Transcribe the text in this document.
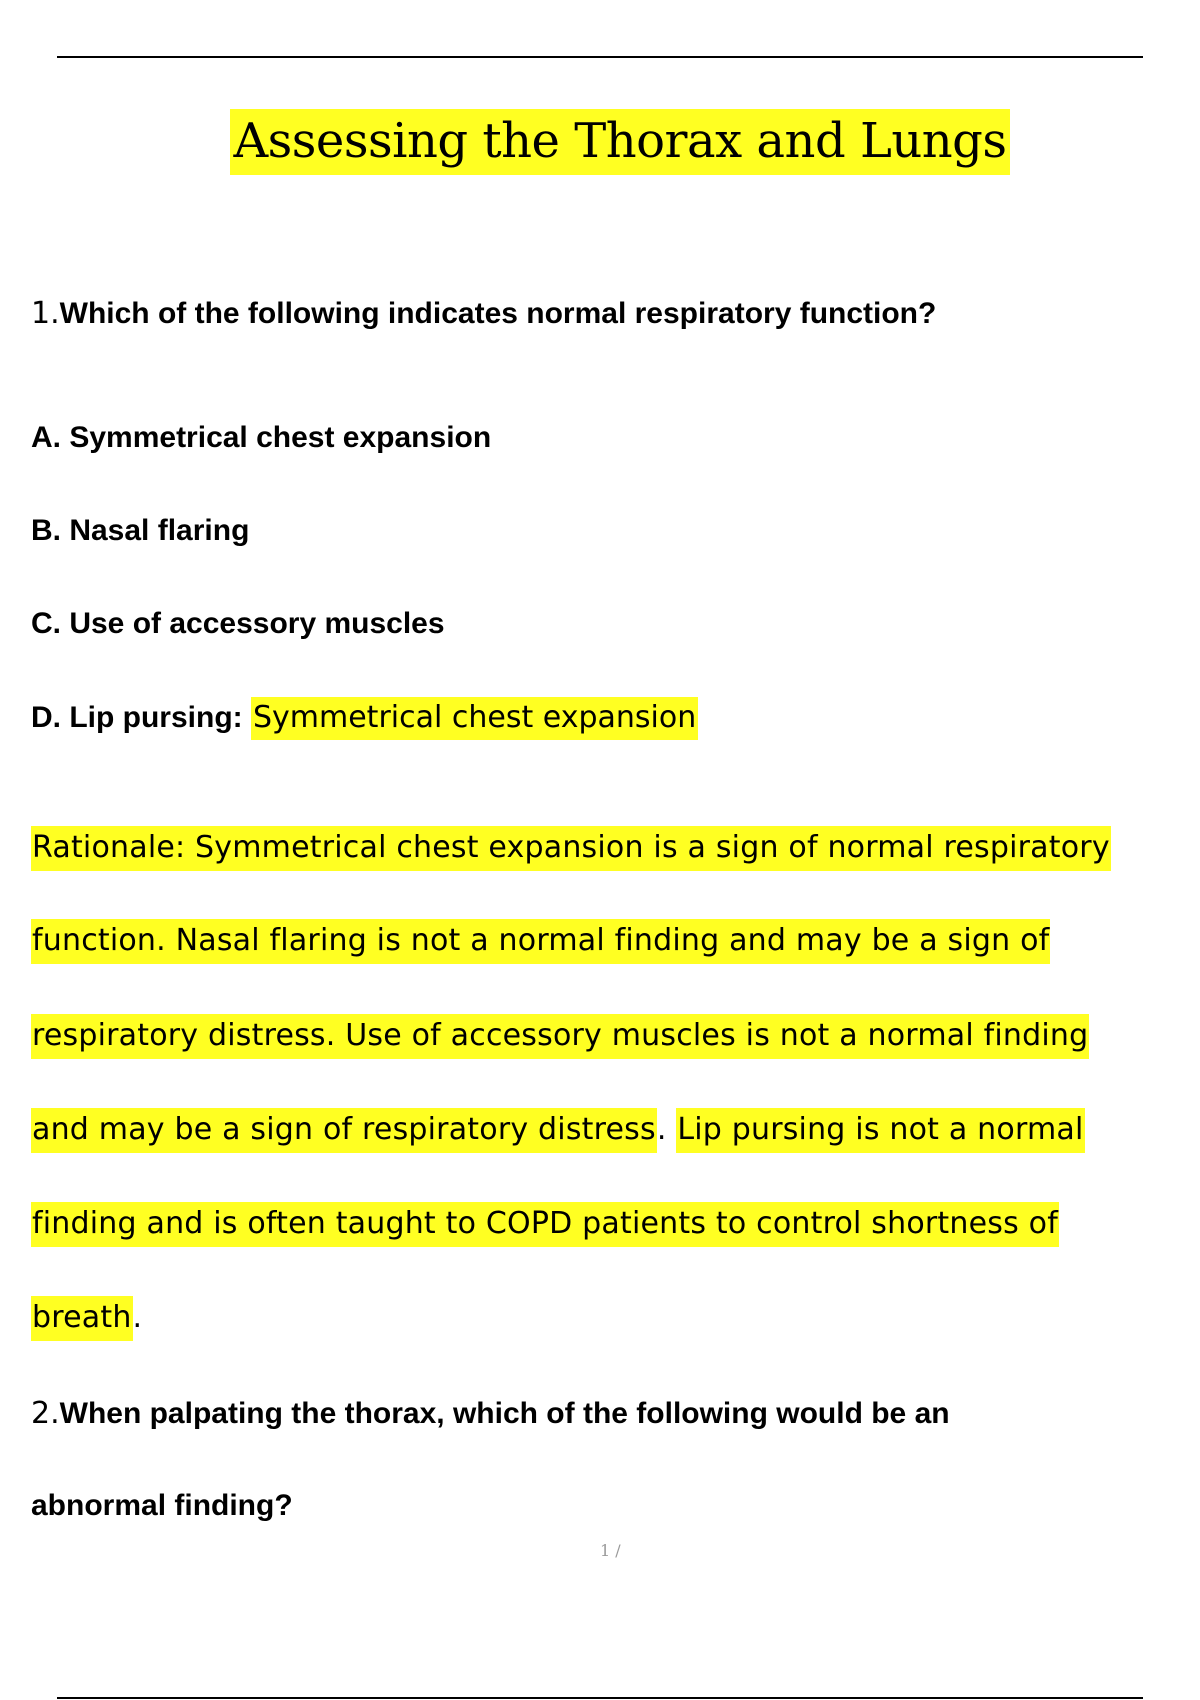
Assessing the Thorax and Lungs
1.Which of the following indicates normal respiratory function?
A. Symmetrical chest expansion
B. Nasal flaring
C. Use of accessory muscles
D. Lip pursing: Symmetrical chest expansion
Rationale: Symmetrical chest expansion is a sign of normal respiratory
function. Nasal flaring is not a normal finding and may be a sign of
respiratory distress. Use of accessory muscles is not a normal finding
and may be a sign of respiratory distress. Lip pursing is not a normal
finding and is often taught to COPD patients to control shortness of
breath.
2.When palpating the thorax, which of the following would be an
abnormal finding?
1 /
